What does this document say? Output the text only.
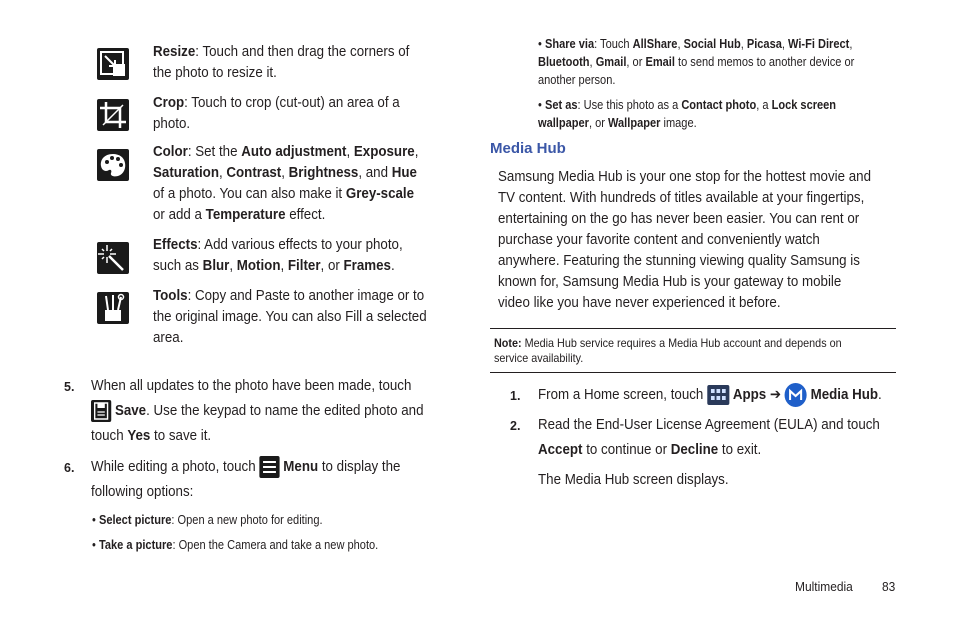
Resize: Touch and then drag the corners of the photo to resize it.
Crop: Touch to crop (cut-out) an area of a photo.
Color: Set the Auto adjustment, Exposure, Saturation, Contrast, Brightness, and Hue of a photo. You can also make it Grey-scale or add a Temperature effect.
Effects: Add various effects to your photo, such as Blur, Motion, Filter, or Frames.
Tools: Copy and Paste to another image or to the original image. You can also Fill a selected area.
5. When all updates to the photo have been made, touch
Save. Use the keypad to name the edited photo and touch Yes to save it.
6. While editing a photo, touch  Menu to display the following options:
• Select picture: Open a new photo for editing.
• Take a picture: Open the Camera and take a new photo.
• Share via: Touch AllShare, Social Hub, Picasa, Wi-Fi Direct, Bluetooth, Gmail, or Email to send memos to another device or another person.
• Set as: Use this photo as a Contact photo, a Lock screen wallpaper, or Wallpaper image.
Media Hub
Samsung Media Hub is your one stop for the hottest movie and TV content. With hundreds of titles available at your fingertips, entertaining on the go has never been easier. You can rent or purchase your favorite content and conveniently watch anywhere. Featuring the stunning viewing quality Samsung is known for, Samsung Media Hub is your gateway to mobile video like you have never experienced it before.
Note: Media Hub service requires a Media Hub account and depends on service availability.
1. From a Home screen, touch  Apps ➔ Media Hub.
2. Read the End-User License Agreement (EULA) and touch Accept to continue or Decline to exit.
The Media Hub screen displays.
Multimedia 83
